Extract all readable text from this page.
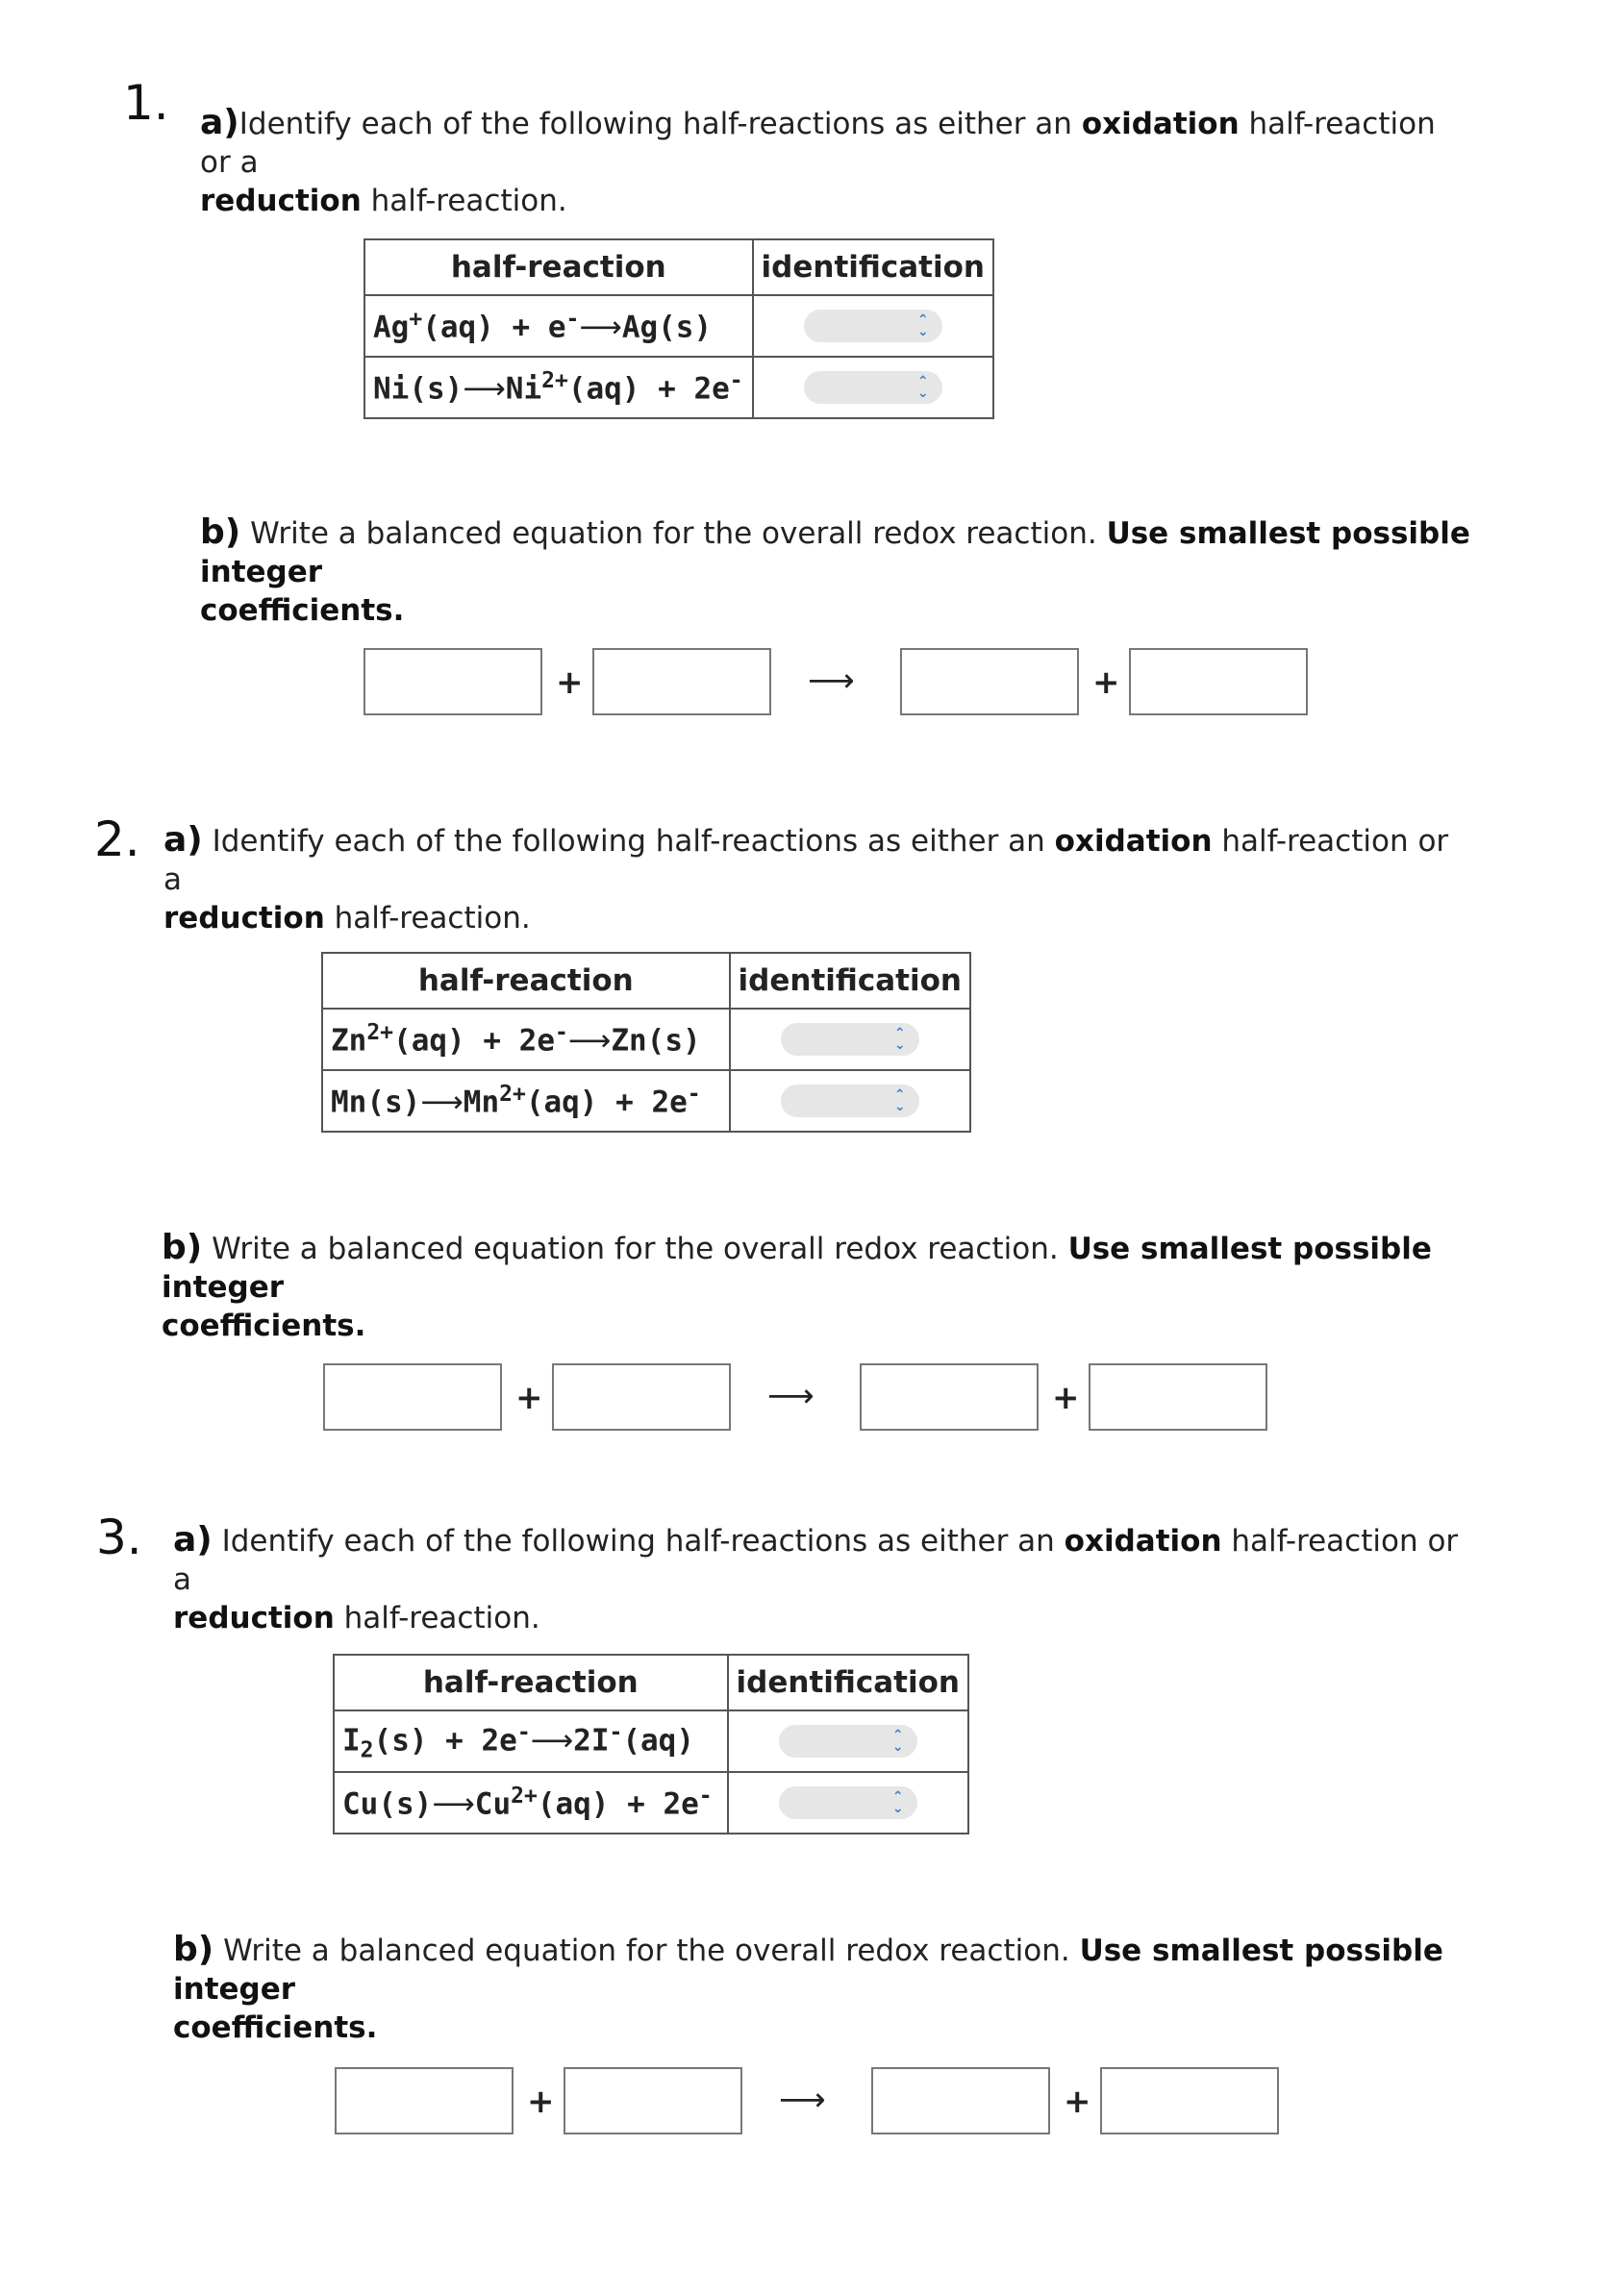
1. a)Identify each of the following half-reactions as either an oxidation half-reaction or a
reduction half-reaction.
half-reaction	identification
Ag+(aq) + e-⟶Ag(s)	⌃
⌄

$Ni(s)⟶Ni^{2+}(aq) + 2e^-$	⌃
⌄
b) Write a balanced equation for the overall redox reaction. Use smallest possible integer
coefficients.
+	⟶	+
2. a) Identify each of the following half-reactions as either an oxidation half-reaction or a
reduction half-reaction.
half-reaction	identification
$Zn^{2+}(aq)$ + 2e-⟶Zn(s)	⌃
⌄

$Mn(s)⟶Mn^{2+}(aq) + 2e^-$	⌃
⌄
b) Write a balanced equation for the overall redox reaction. Use smallest possible integer
coefficients.
+	⟶	+
3. a) Identify each of the following half-reactions as either an oxidation half-reaction or a
reduction half-reaction.
half-reaction	identification
$I_2(s)$ + 2e-⟶2I-(aq)	⌃
⌄

$Cu(s)⟶Cu^{2+}(aq) + 2e^-$	⌃
⌄
b) Write a balanced equation for the overall redox reaction. Use smallest possible integer
coefficients.
+	⟶	+
